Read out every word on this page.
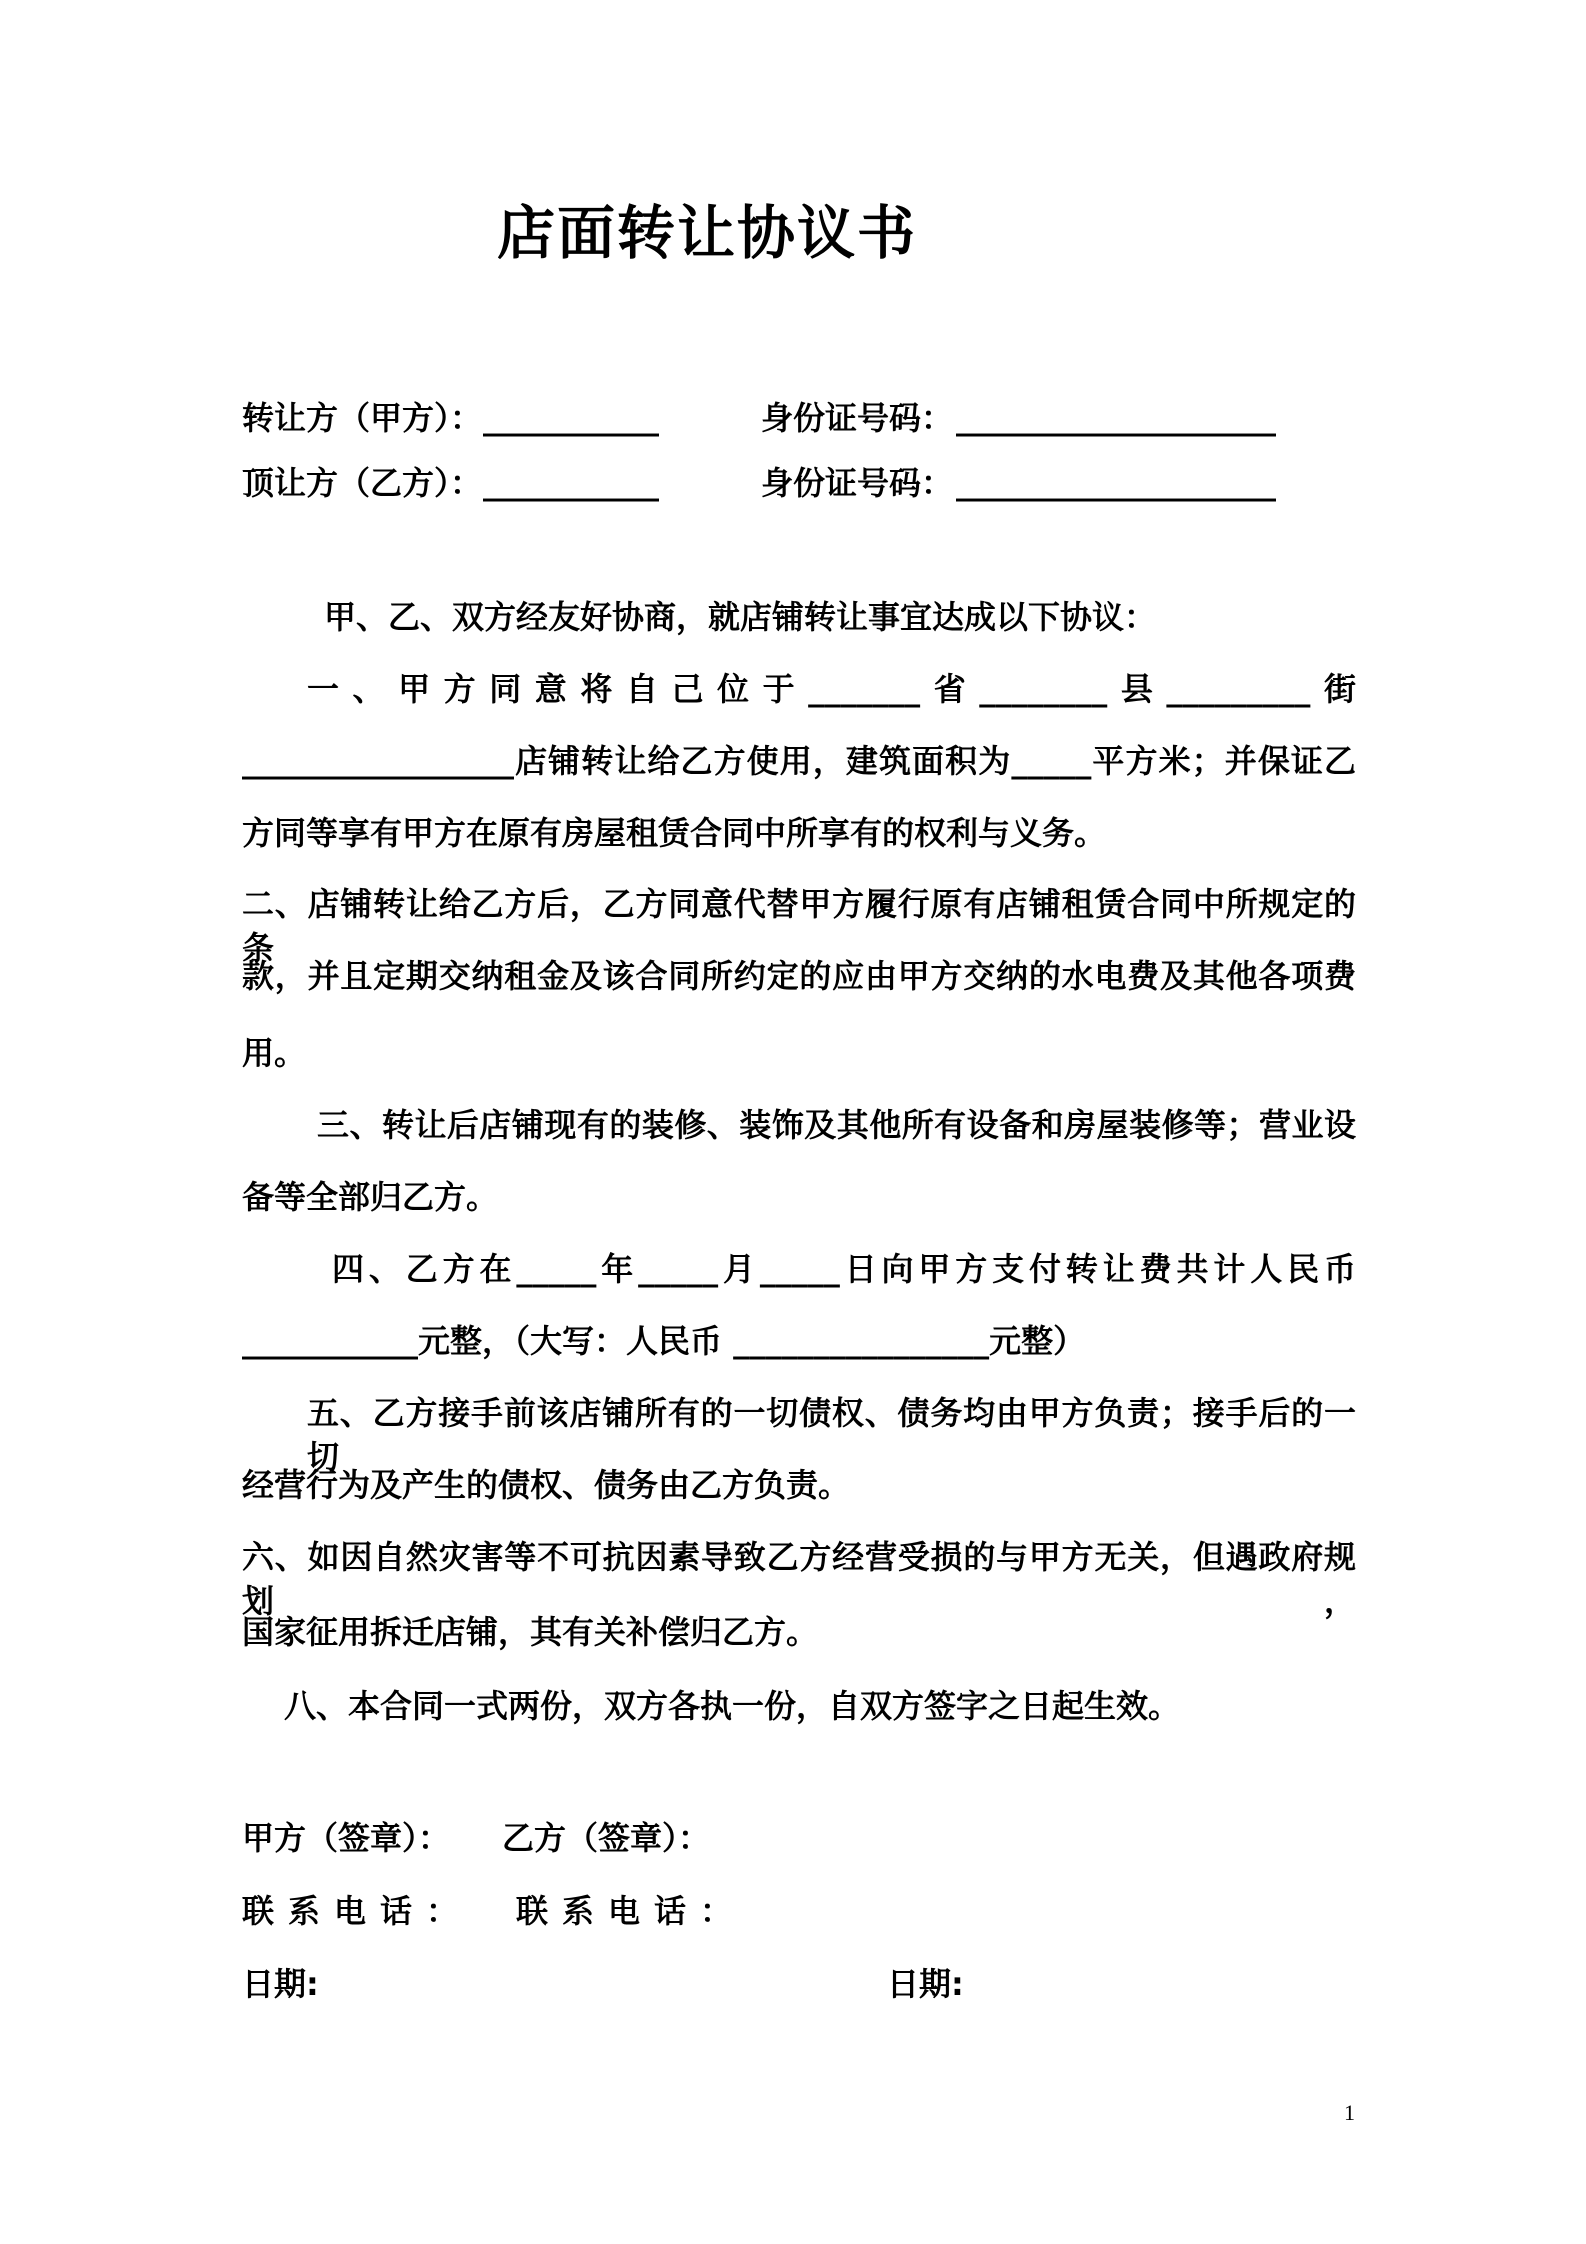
店面转让协议书
转让方（甲方）： ___________	身份证号码： ____________________
顶让方（乙方）： ___________	身份证号码： ____________________
甲、乙、双方经友好协商，就店铺转让事宜达成以下协议：
一、甲方同意将自己位于_______省________县_________街
_________________店铺转让给乙方使用，建筑面积为_____平方米；并保证乙
方同等享有甲方在原有房屋租赁合同中所享有的权利与义务。
二、店铺转让给乙方后，乙方同意代替甲方履行原有店铺租赁合同中所规定的条
款，并且定期交纳租金及该合同所约定的应由甲方交纳的水电费及其他各项费
用。
三、转让后店铺现有的装修、装饰及其他所有设备和房屋装修等；营业设
备等全部归乙方。
四、乙方在_____年_____月_____日向甲方支付转让费共计人民币
___________元整，（大写：人民币 ________________元整）
五、乙方接手前该店铺所有的一切债权、债务均由甲方负责；接手后的一切
经营行为及产生的债权、债务由乙方负责。
六、如因自然灾害等不可抗因素导致乙方经营受损的与甲方无关，但遇政府规划，
国家征用拆迁店铺，其有关补偿归乙方。
八、本合同一式两份，双方各执一份，自双方签字之日起生效。
甲方（签章）： 乙方（签章）：
联系电话： 联系电话：
日期:	日期:
1
